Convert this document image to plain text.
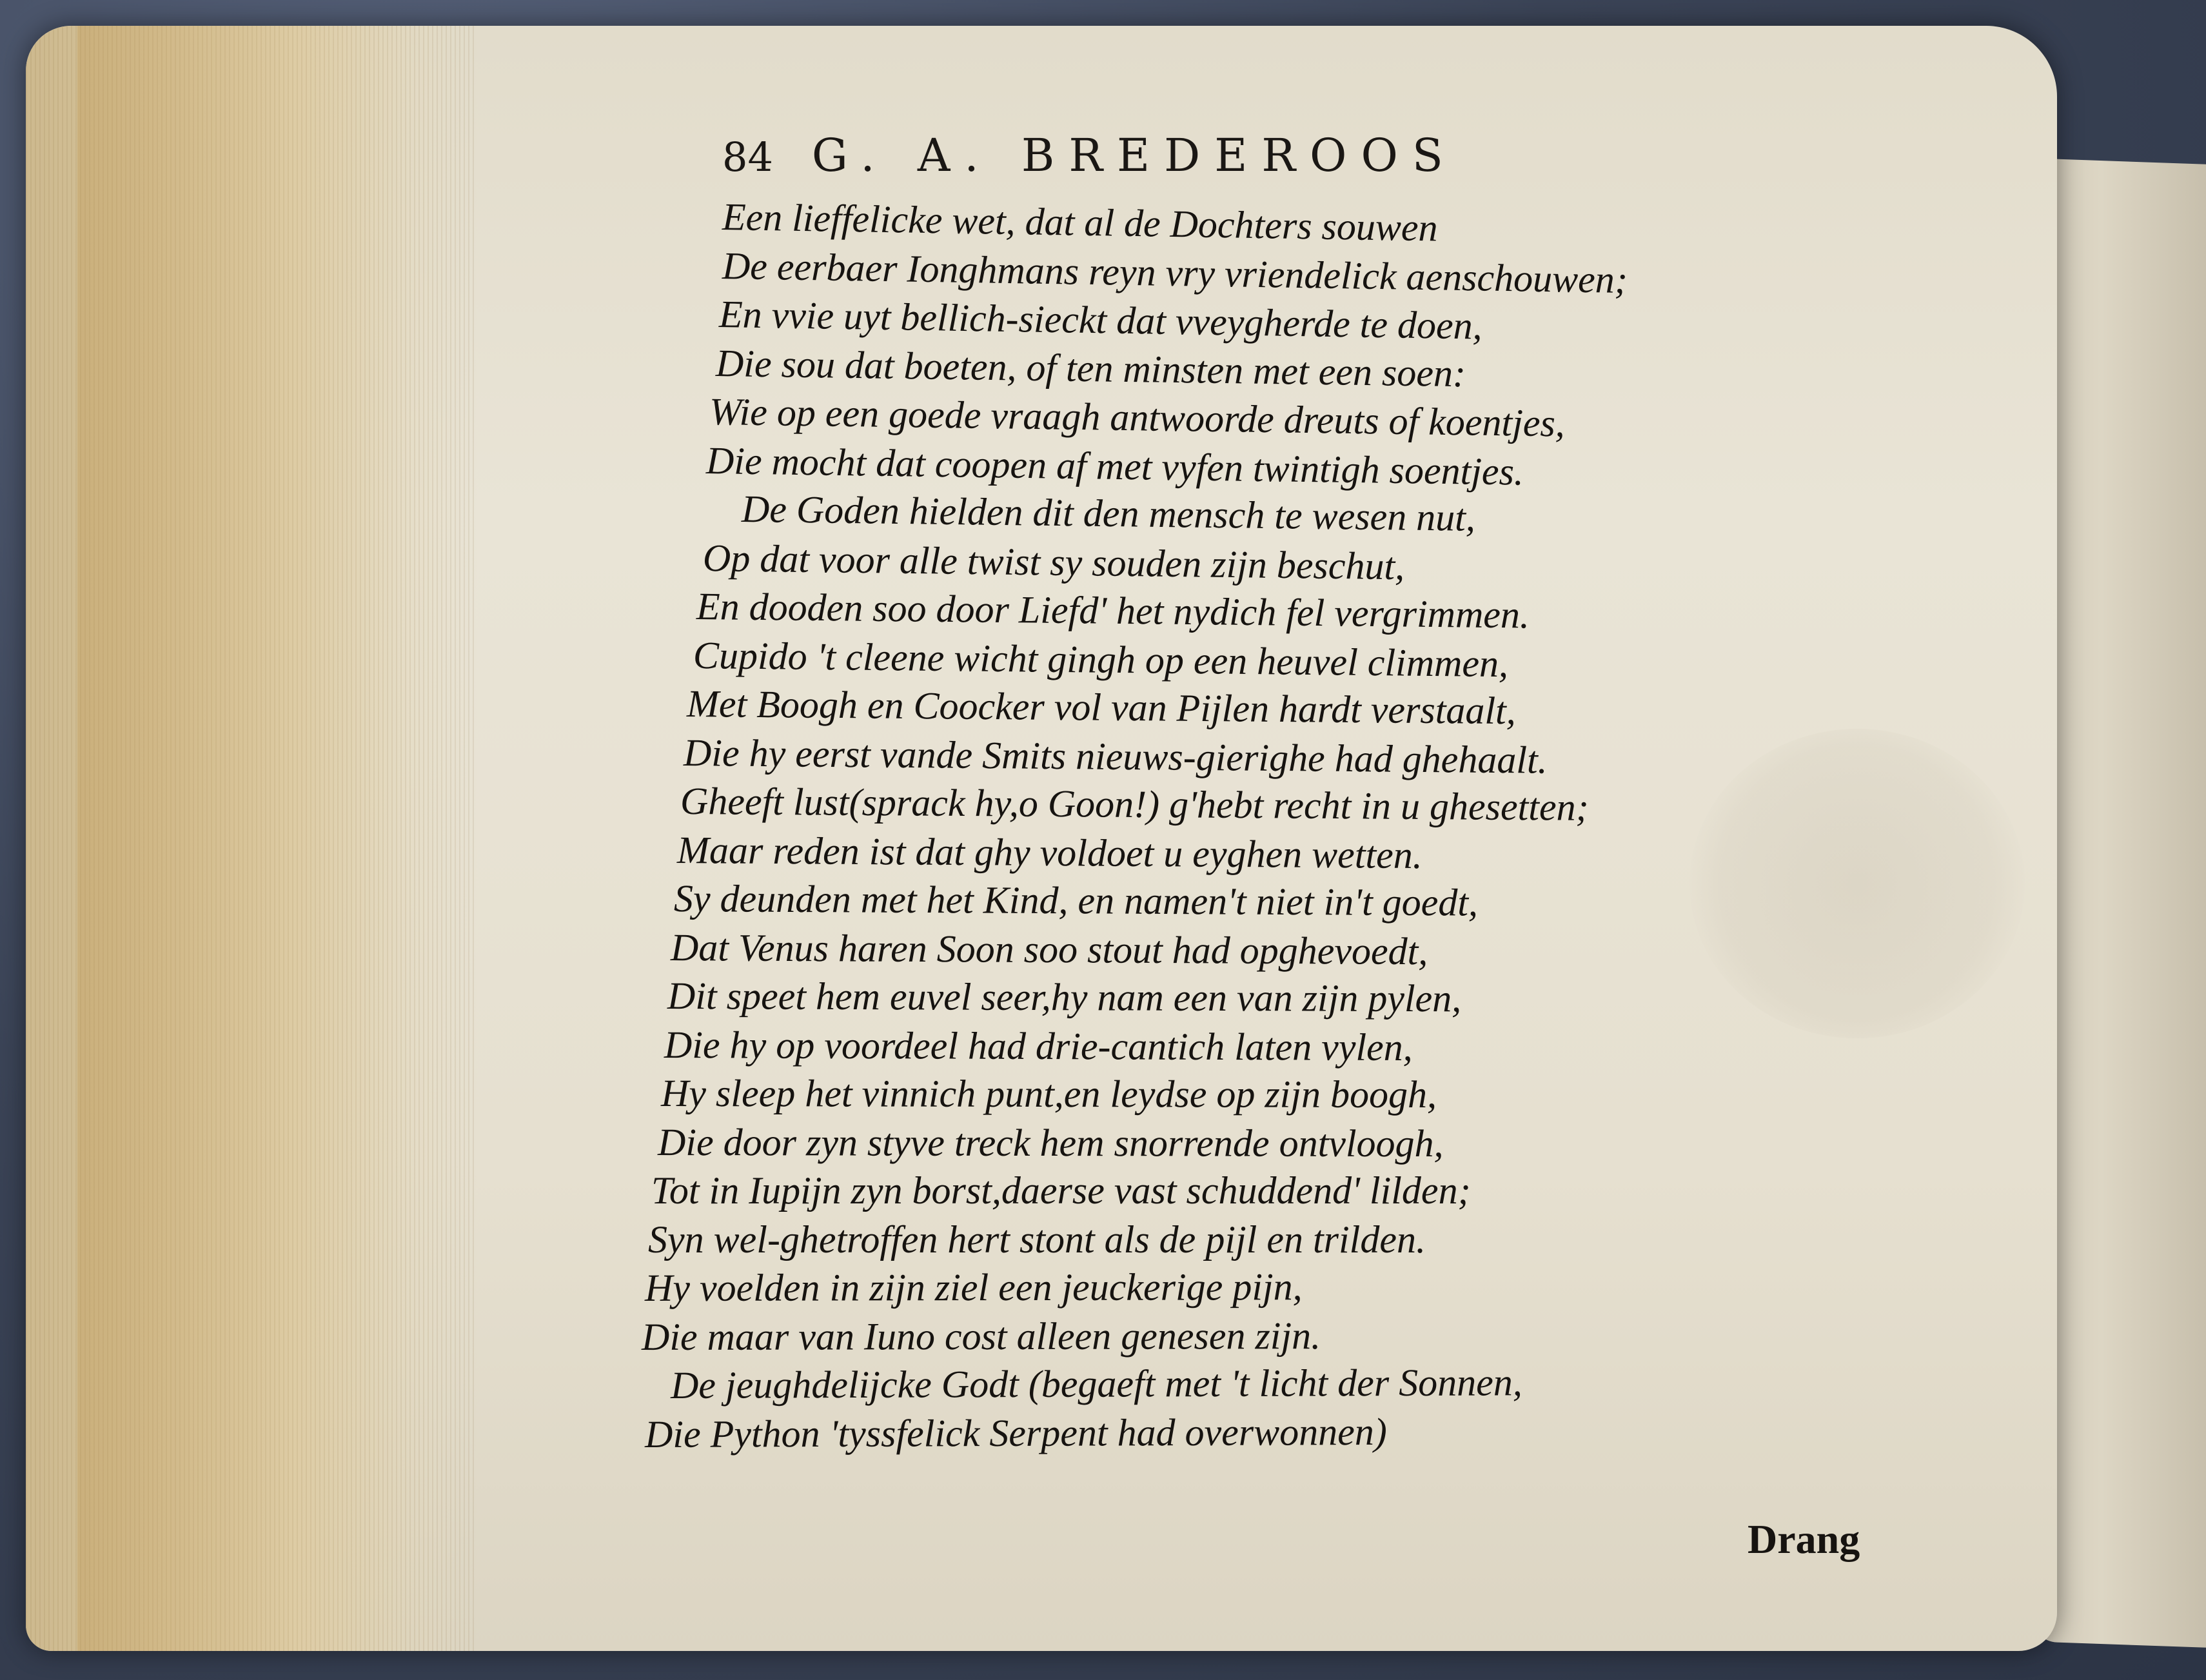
84 G. A. BREDEROOS
Een lieffelicke wet, dat al de Dochters souwen
De eerbaer Ionghmans reyn vry vriendelick aenschouwen;
En vvie uyt bellich-sieckt dat vveygherde te doen,
Die sou dat boeten, of ten minsten met een soen:
Wie op een goede vraagh antwoorde dreuts of koentjes,
Die mocht dat coopen af met vyfen twintigh soentjes.
De Goden hielden dit den mensch te wesen nut,
Op dat voor alle twist sy souden zijn beschut,
En dooden soo door Liefd' het nydich fel vergrimmen.
Cupido 't cleene wicht gingh op een heuvel climmen,
Met Boogh en Coocker vol van Pijlen hardt verstaalt,
Die hy eerst vande Smits nieuws-gierighe had ghehaalt.
Gheeft lust(sprack hy,o Goon!) g'hebt recht in u ghesetten;
Maar reden ist dat ghy voldoet u eyghen wetten.
Sy deunden met het Kind, en namen't niet in't goedt,
Dat Venus haren Soon soo stout had opghevoedt,
Dit speet hem euvel seer,hy nam een van zijn pylen,
Die hy op voordeel had drie-cantich laten vylen,
Hy sleep het vinnich punt,en leydse op zijn boogh,
Die door zyn styve treck hem snorrende ontvloogh,
Tot in Iupijn zyn borst,daerse vast schuddend' lilden;
Syn wel-ghetroffen hert stont als de pijl en trilden.
Hy voelden in zijn ziel een jeuckerige pijn,
Die maar van Iuno cost alleen genesen zijn.
De jeughdelijcke Godt (begaeft met 't licht der Sonnen,
Die Python 'tyssfelick Serpent had overwonnen)
Drang
